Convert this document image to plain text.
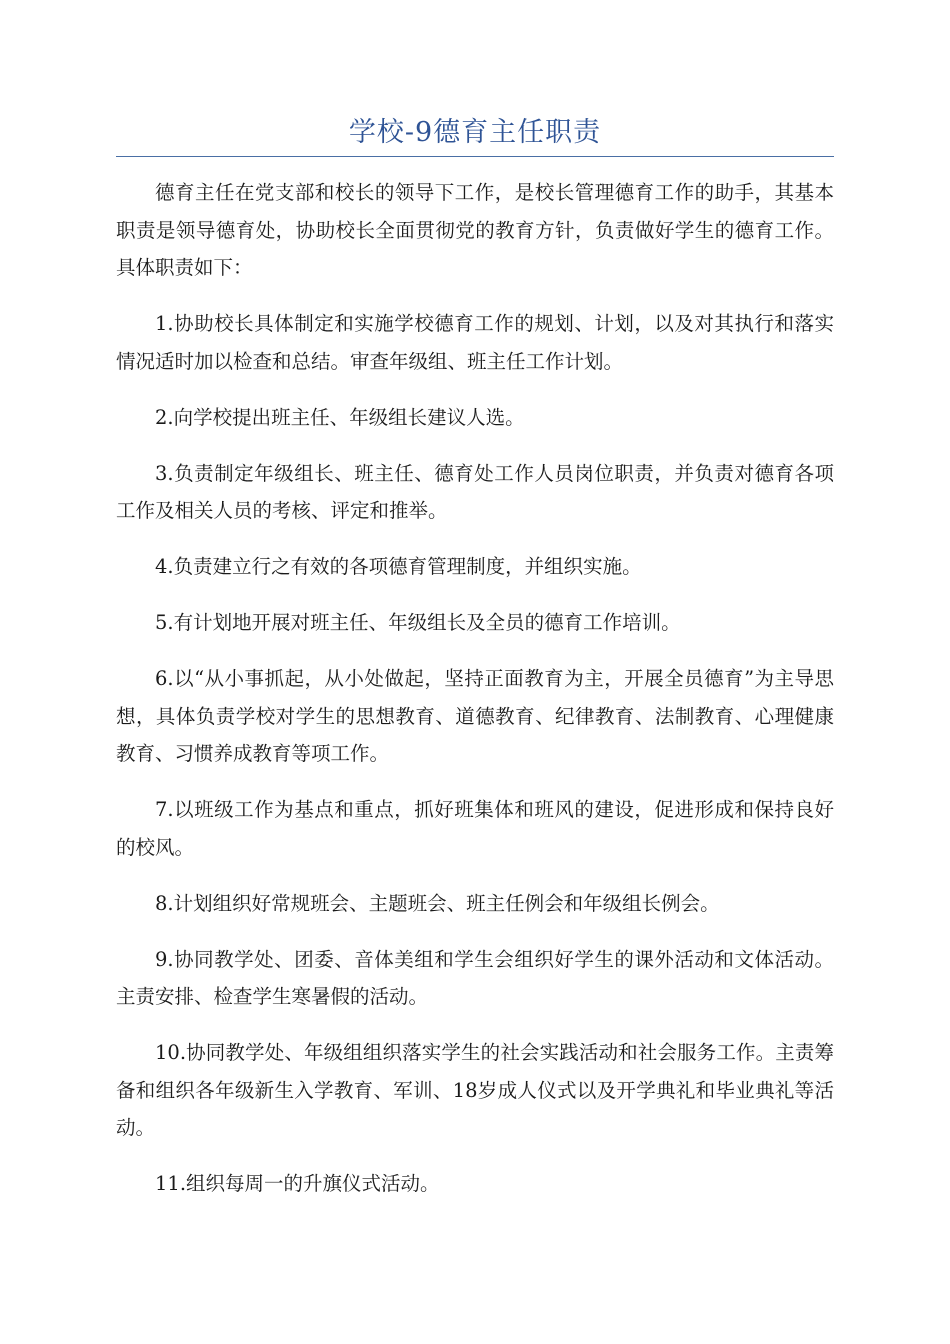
学校-9德育主任职责

德育主任在党支部和校长的领导下工作，是校长管理德育工作的助手，其基本职责是领导德育处，协助校长全面贯彻党的教育方针，负责做好学生的德育工作。具体职责如下：

1.协助校长具体制定和实施学校德育工作的规划、计划，以及对其执行和落实情况适时加以检查和总结。审查年级组、班主任工作计划。

2.向学校提出班主任、年级组长建议人选。

3.负责制定年级组长、班主任、德育处工作人员岗位职责，并负责对德育各项工作及相关人员的考核、评定和推举。

4.负责建立行之有效的各项德育管理制度，并组织实施。

5.有计划地开展对班主任、年级组长及全员的德育工作培训。

6.以“从小事抓起，从小处做起，坚持正面教育为主，开展全员德育”为主导思想，具体负责学校对学生的思想教育、道德教育、纪律教育、法制教育、心理健康教育、习惯养成教育等项工作。

7.以班级工作为基点和重点，抓好班集体和班风的建设，促进形成和保持良好的校风。

8.计划组织好常规班会、主题班会、班主任例会和年级组长例会。

9.协同教学处、团委、音体美组和学生会组织好学生的课外活动和文体活动。主责安排、检查学生寒暑假的活动。

10.协同教学处、年级组组织落实学生的社会实践活动和社会服务工作。主责筹备和组织各年级新生入学教育、军训、18岁成人仪式以及开学典礼和毕业典礼等活动。

11.组织每周一的升旗仪式活动。
